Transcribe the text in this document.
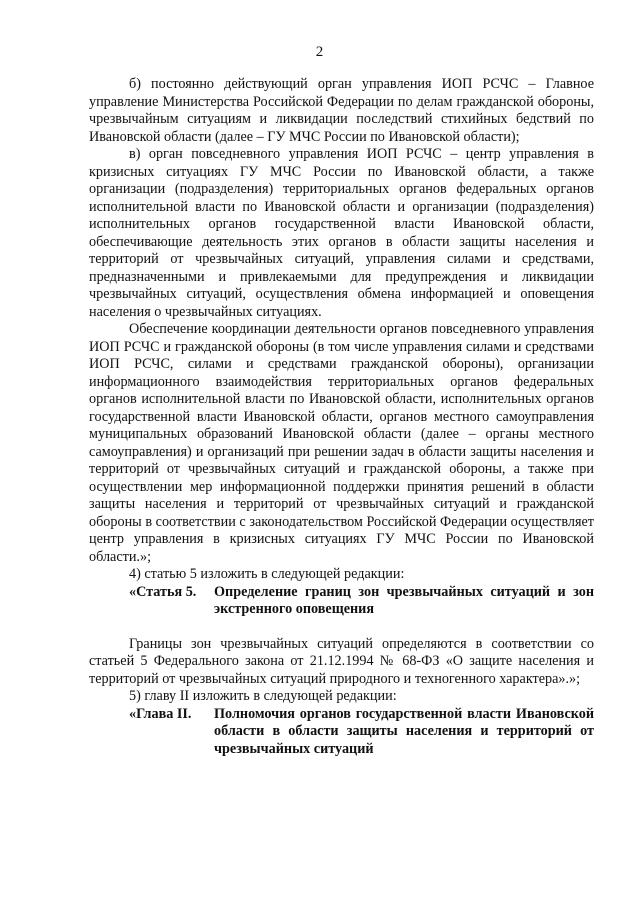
2

б) постоянно действующий орган управления ИОП РСЧС – Главное управление Министерства Российской Федерации по делам гражданской обороны, чрезвычайным ситуациям и ликвидации последствий стихийных бедствий по Ивановской области (далее – ГУ МЧС России по Ивановской области);

в) орган повседневного управления ИОП РСЧС – центр управления в кризисных ситуациях ГУ МЧС России по Ивановской области, а также организации (подразделения) территориальных органов федеральных органов исполнительной власти по Ивановской области и организации (подразделения) исполнительных органов государственной власти Ивановской области, обеспечивающие деятельность этих органов в области защиты населения и территорий от чрезвычайных ситуаций, управления силами и средствами, предназначенными и привлекаемыми для предупреждения и ликвидации чрезвычайных ситуаций, осуществления обмена информацией и оповещения населения о чрезвычайных ситуациях.

Обеспечение координации деятельности органов повседневного управления ИОП РСЧС и гражданской обороны (в том числе управления силами и средствами ИОП РСЧС, силами и средствами гражданской обороны), организации информационного взаимодействия территориальных органов федеральных органов исполнительной власти по Ивановской области, исполнительных органов государственной власти Ивановской области, органов местного самоуправления муниципальных образований Ивановской области (далее – органы местного самоуправления) и организаций при решении задач в области защиты населения и территорий от чрезвычайных ситуаций и гражданской обороны, а также при осуществлении мер информационной поддержки принятия решений в области защиты населения и территорий от чрезвычайных ситуаций и гражданской обороны в соответствии с законодательством Российской Федерации осуществляет центр управления в кризисных ситуациях ГУ МЧС России по Ивановской области.»;

4) статью 5 изложить в следующей редакции:

«Статья 5.	Определение границ зон чрезвычайных ситуаций и зон экстренного оповещения

Границы зон чрезвычайных ситуаций определяются в соответствии со статьей 5 Федерального закона от 21.12.1994 № 68-ФЗ «О защите населения и территорий от чрезвычайных ситуаций природного и техногенного характера».»;

5) главу II изложить в следующей редакции:

«Глава II.	Полномочия органов государственной власти Ивановской области в области защиты населения и территорий от чрезвычайных ситуаций
